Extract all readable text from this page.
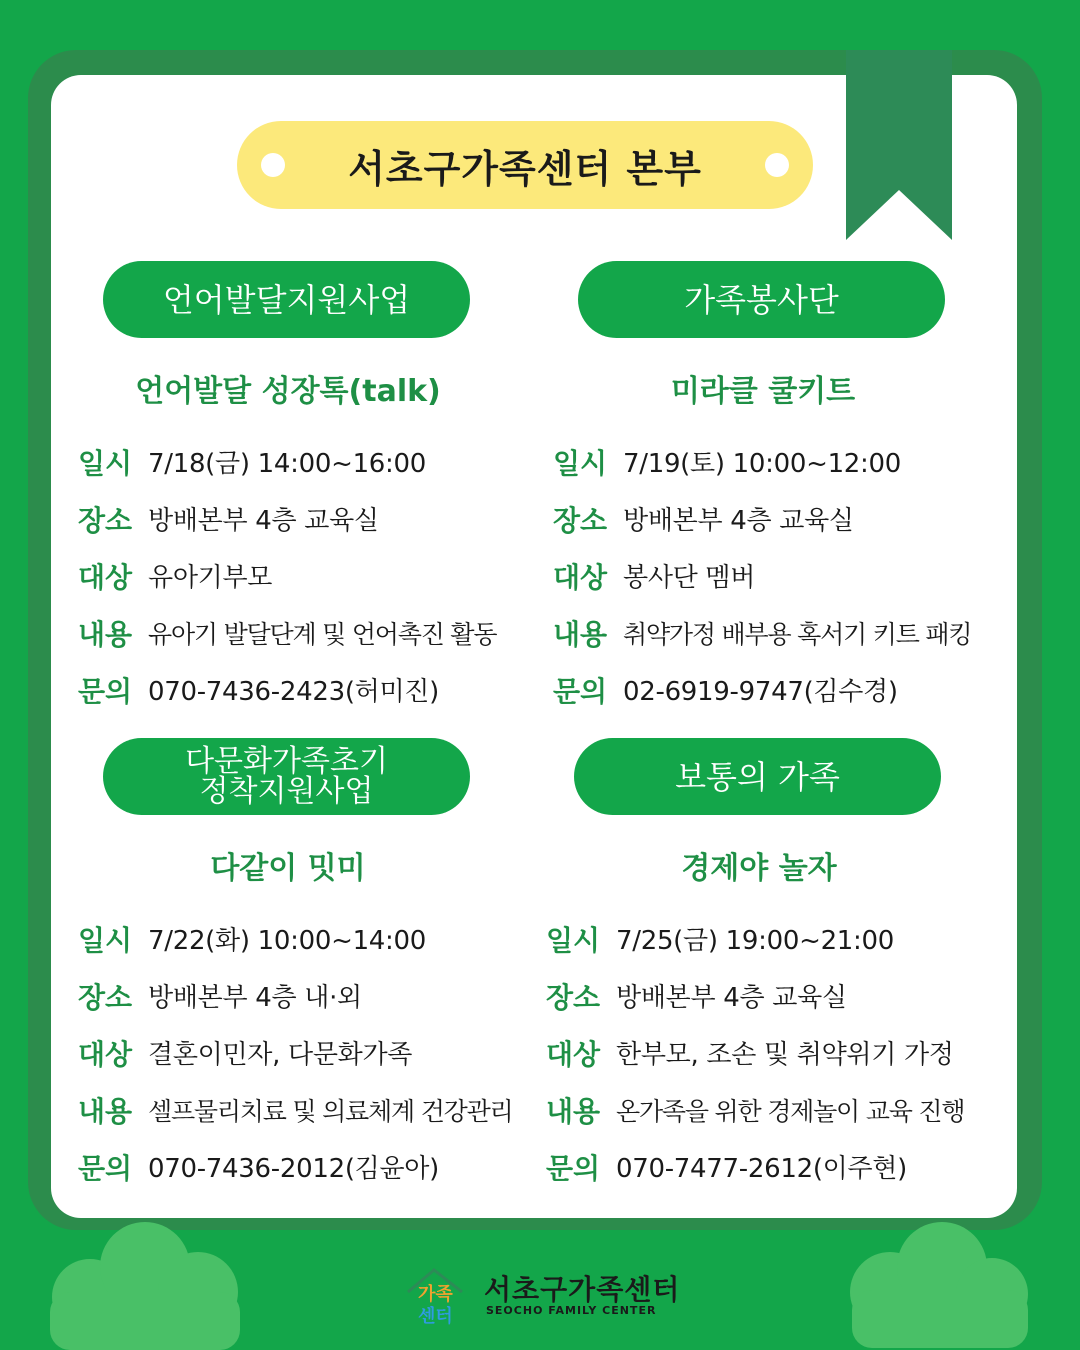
서초구가족센터 본부
언어발달지원사업
언어발달 성장톡(talk)
일시 7/18(금) 14:00~16:00
장소 방배본부 4층 교육실
대상 유아기부모
내용 유아기 발달단계 및 언어촉진 활동
문의 070-7436-2423(허미진)
가족봉사단
미라클 쿨키트
일시 7/19(토) 10:00~12:00
장소 방배본부 4층 교육실
대상 봉사단 멤버
내용 취약가정 배부용 혹서기 키트 패킹
문의 02-6919-9747(김수경)
다문화가족초기
정착지원사업
다같이 밋미
일시 7/22(화) 10:00~14:00
장소 방배본부 4층 내·외
대상 결혼이민자, 다문화가족
내용 셀프물리치료 및 의료체계 건강관리
문의 070-7436-2012(김윤아)
보통의 가족
경제야 놀자
일시 7/25(금) 19:00~21:00
장소 방배본부 4층 교육실
대상 한부모, 조손 및 취약위기 가정
내용 온가족을 위한 경제놀이 교육 진행
문의 070-7477-2612(이주현)
가족
센터
서초구가족센터
SEOCHO FAMILY CENTER
